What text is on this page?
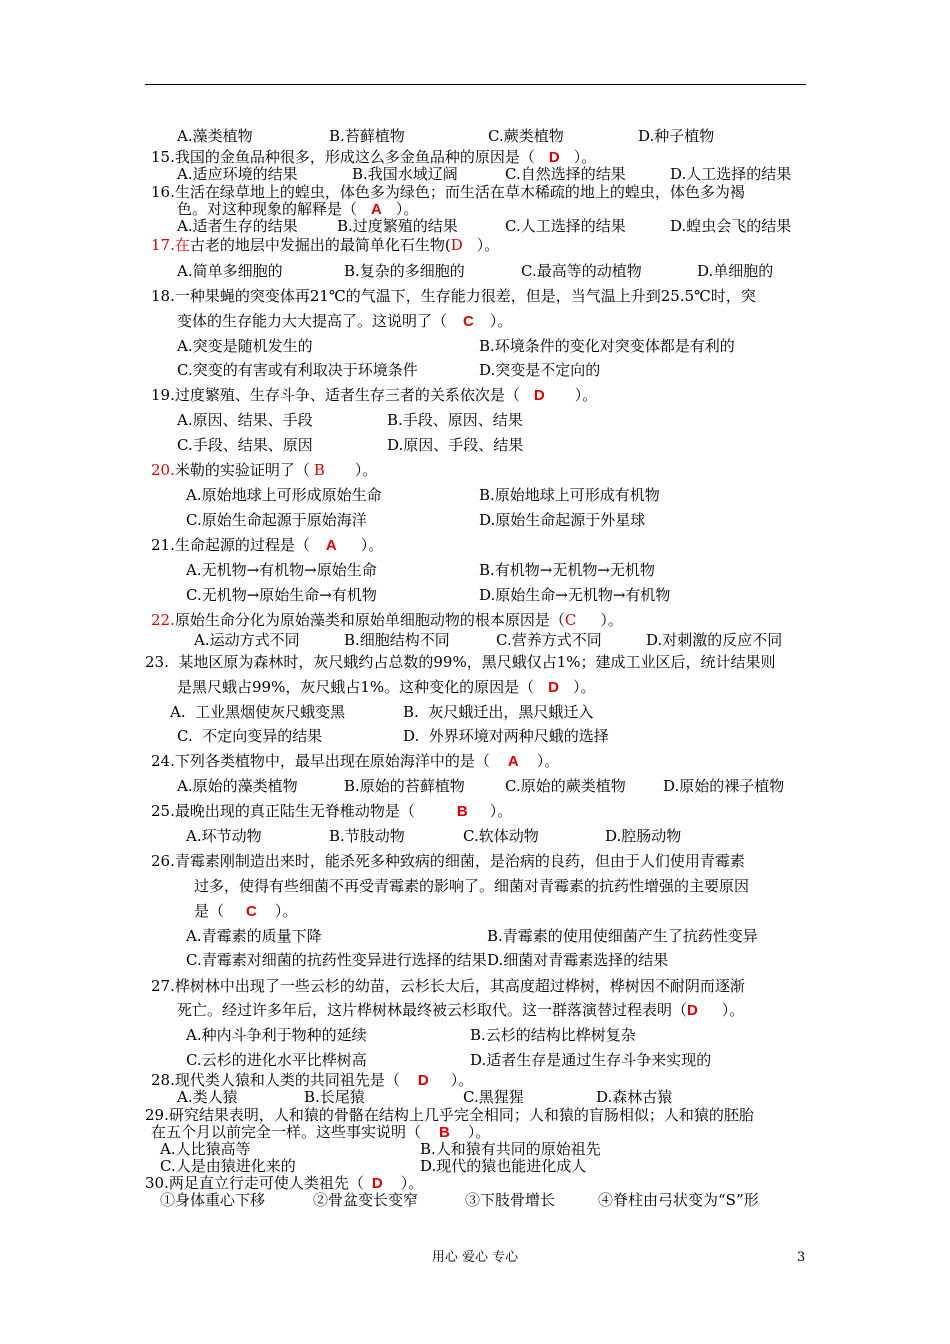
A.藻类植物	B.苔藓植物	C.蕨类植物	D.种子植物
15.我国的金鱼品种很多，形成这么多金鱼品种的原因是（ D ）。
A.适应环境的结果	B.我国水域辽阔	C.自然选择的结果	D.人工选择的结果
16.生活在绿草地上的蝗虫，体色多为绿色；而生活在草木稀疏的地上的蝗虫，体色多为褐
色。对这种现象的解释是（ A ）。
A.适者生存的结果	B.过度繁殖的结果	C.人工选择的结果	D.蝗虫会飞的结果
17.在古老的地层中发掘出的最简单化石生物(D ）。
A.简单多细胞的	B.复杂的多细胞的	C.最高等的动植物	D.单细胞的
18.一种果蝇的突变体再21℃的气温下，生存能力很差，但是，当气温上升到25.5℃时，突
变体的生存能力大大提高了。这说明了（ C ）。
A.突变是随机发生的	B.环境条件的变化对突变体都是有利的
C.突变的有害或有利取决于环境条件	D.突变是不定向的
19.过度繁殖、生存斗争、适者生存三者的关系依次是（ D ）。
A.原因、结果、手段	B.手段、原因、结果
C.手段、结果、原因	D.原因、手段、结果
20.米勒的实验证明了（ B ）。
A.原始地球上可形成原始生命	B.原始地球上可形成有机物
C.原始生命起源于原始海洋	D.原始生命起源于外星球
21.生命起源的过程是（ A ）。
A.无机物→有机物→原始生命	B.有机物→无机物→无机物
C.无机物→原始生命→有机物	D.原始生命→无机物→有机物
22.原始生命分化为原始藻类和原始单细胞动物的根本原因是（C ）。
A.运动方式不同	B.细胞结构不同	C.营养方式不同	D.对刺激的反应不同
23.  某地区原为森林时，灰尺蛾约占总数的99%，黑尺蛾仅占1%；建成工业区后，统计结果则
是黑尺蛾占99%，灰尺蛾占1%。这种变化的原因是（ D ）。
A.  工业黑烟使灰尺蛾变黑	B.  灰尺蛾迁出，黑尺蛾迁入
C.  不定向变异的结果	D.  外界环境对两种尺蛾的选择
24.下列各类植物中，最早出现在原始海洋中的是（ A ）。
A.原始的藻类植物	B.原始的苔藓植物	C.原始的蕨类植物 D.原始的裸子植物
25.最晚出现的真正陆生无脊椎动物是（	B ）。
A.环节动物	B.节肢动物	C.软体动物	D.腔肠动物
26.青霉素刚制造出来时，能杀死多种致病的细菌，是治病的良药，但由于人们使用青霉素
过多，使得有些细菌不再受青霉素的影响了。细菌对青霉素的抗药性增强的主要原因
是（ C ）。
A.青霉素的质量下降	B.青霉素的使用使细菌产生了抗药性变异
C.青霉素对细菌的抗药性变异进行选择的结果 D.细菌对青霉素选择的结果
27.桦树林中出现了一些云杉的幼苗，云杉长大后，其高度超过桦树，桦树因不耐阴而逐渐
死亡。经过许多年后，这片桦树林最终被云杉取代。这一群落演替过程表明（D ）。
A.种内斗争利于物种的延续	B.云杉的结构比桦树复杂
C.云杉的进化水平比桦树高	D.适者生存是通过生存斗争来实现的
28.现代类人猿和人类的共同祖先是（ D ）。
A.类人猿	B.长尾猿	C.黑猩猩	D.森林古猿
29.研究结果表明，人和猿的骨骼在结构上几乎完全相同；人和猿的盲肠相似；人和猿的胚胎
在五个月以前完全一样。这些事实说明（ B ）。
A.人比猿高等	B.人和猿有共同的原始祖先
C.人是由猿进化来的	D.现代的猿也能进化成人
30.两足直立行走可使人类祖先（ D ）。
①身体重心下移	②骨盆变长变窄	③下肢骨增长	④脊柱由弓状变为“S”形
用心 爱心 专心	3
